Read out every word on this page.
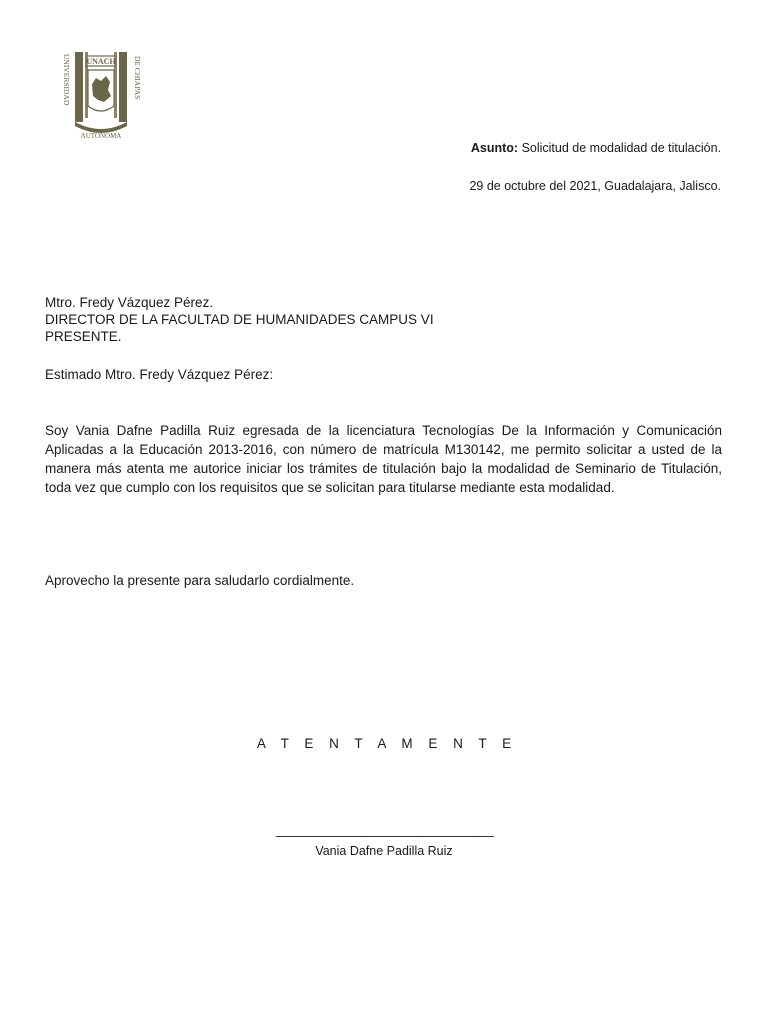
UNIVERSIDAD	DE CHIAPAS
UNACH
AUTONOMA
Asunto: Solicitud de modalidad de titulación.
29 de octubre del 2021, Guadalajara, Jalisco.
Mtro. Fredy Vázquez Pérez.
DIRECTOR DE LA FACULTAD DE HUMANIDADES CAMPUS VI
PRESENTE.
Estimado Mtro. Fredy Vázquez Pérez:
Soy Vania Dafne Padilla Ruiz egresada de la licenciatura Tecnologías De la Información y Comunicación Aplicadas a la Educación 2013-2016, con número de matrícula M130142, me permito solicitar a usted de la manera más atenta me autorice iniciar los trámites de titulación bajo la modalidad de Seminario de Titulación, toda vez que cumplo con los requisitos que se solicitan para titularse mediante esta modalidad.
Aprovecho la presente para saludarlo cordialmente.
A T E N T A M E N T E
_______________________________
Vania Dafne Padilla Ruiz
